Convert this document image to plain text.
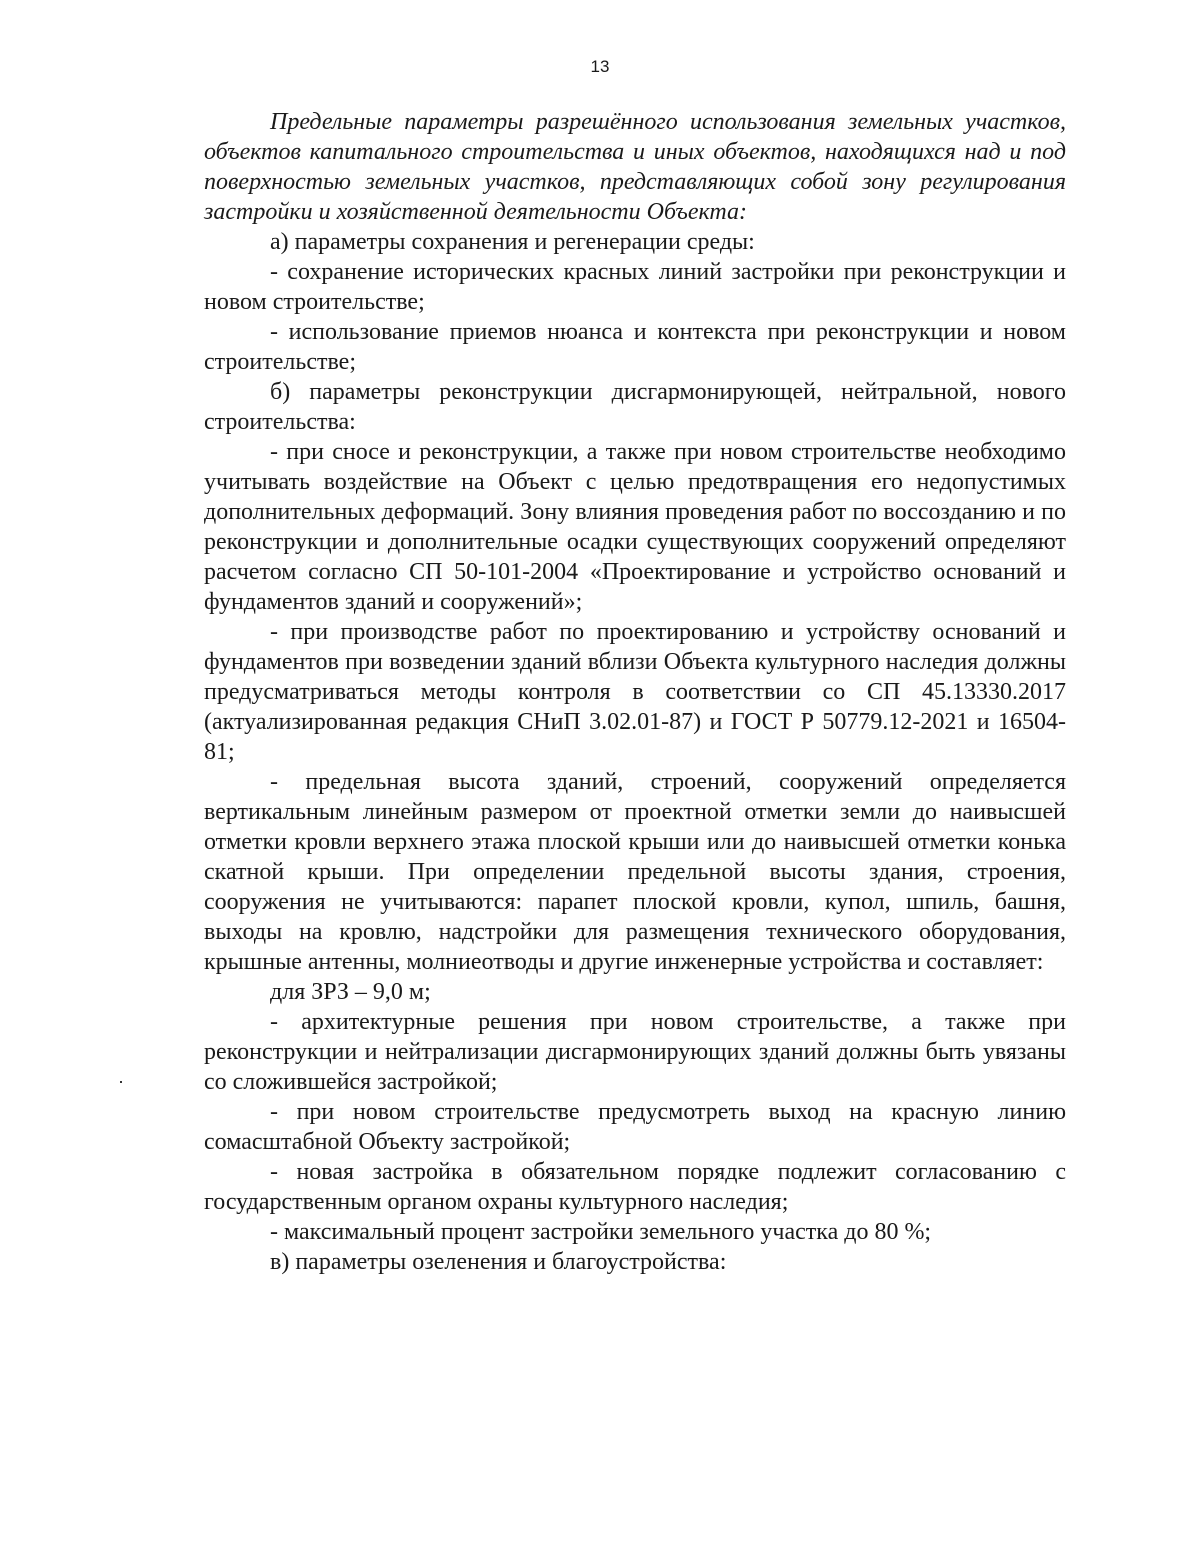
13

Предельные параметры разрешённого использования земельных участков, объектов капитального строительства и иных объектов, находящихся над и под поверхностью земельных участков, представляющих собой зону регулирования застройки и хозяйственной деятельности Объекта:

а) параметры сохранения и регенерации среды:

- сохранение исторических красных линий застройки при реконструкции и новом строительстве;

- использование приемов нюанса и контекста при реконструкции и новом строительстве;

б) параметры реконструкции дисгармонирующей, нейтральной, нового строительства:

- при сносе и реконструкции, а также при новом строительстве необходимо учитывать воздействие на Объект с целью предотвращения его недопустимых дополнительных деформаций. Зону влияния проведения работ по воссозданию и по реконструкции и дополнительные осадки существующих сооружений определяют расчетом согласно СП 50-101-2004 «Проектирование и устройство оснований и фундаментов зданий и сооружений»;

- при производстве работ по проектированию и устройству оснований и фундаментов при возведении зданий вблизи Объекта культурного наследия должны предусматриваться методы контроля в соответствии со СП 45.13330.2017 (актуализированная редакция СНиП 3.02.01-87) и ГОСТ Р 50779.12-2021 и 16504-81;

- предельная высота зданий, строений, сооружений определяется вертикальным линейным размером от проектной отметки земли до наивысшей отметки кровли верхнего этажа плоской крыши или до наивысшей отметки конька скатной крыши. При определении предельной высоты здания, строения, сооружения не учитываются: парапет плоской кровли, купол, шпиль, башня, выходы на кровлю, надстройки для размещения технического оборудования, крышные антенны, молниеотводы и другие инженерные устройства и составляет:

для ЗРЗ – 9,0 м;

- архитектурные решения при новом строительстве, а также при реконструкции и нейтрализации дисгармонирующих зданий должны быть увязаны со сложившейся застройкой;

- при новом строительстве предусмотреть выход на красную линию сомасштабной Объекту застройкой;

- новая застройка в обязательном порядке подлежит согласованию с государственным органом охраны культурного наследия;

- максимальный процент застройки земельного участка до 80 %;

в) параметры озеленения и благоустройства:
